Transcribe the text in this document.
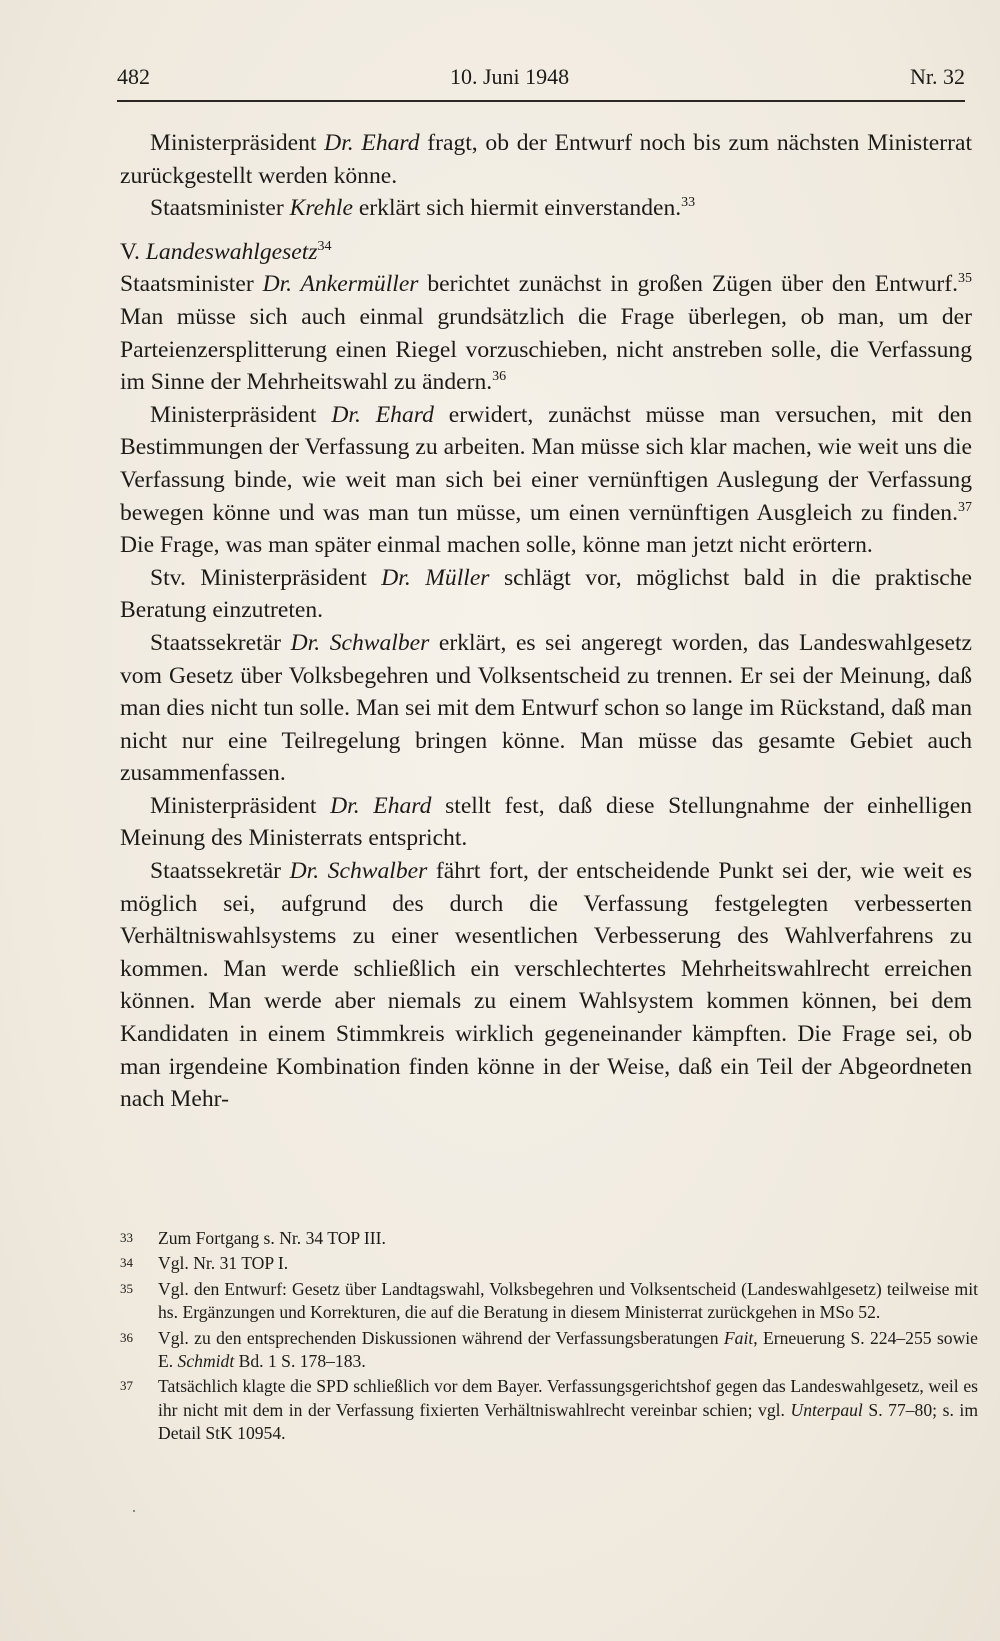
482	10. Juni 1948	Nr. 32

Ministerpräsident Dr. Ehard fragt, ob der Entwurf noch bis zum nächsten Ministerrat zurückgestellt werden könne.

Staatsminister Krehle erklärt sich hiermit einverstanden.$^{33}$

V. Landeswahlgesetz$^{34}$

Staatsminister Dr. Ankermüller berichtet zunächst in großen Zügen über den Entwurf.$^{35}$ Man müsse sich auch einmal grundsätzlich die Frage überlegen, ob man, um der Parteienzersplitterung einen Riegel vorzuschieben, nicht anstreben solle, die Verfassung im Sinne der Mehrheitswahl zu ändern.$^{36}$

Ministerpräsident Dr. Ehard erwidert, zunächst müsse man versuchen, mit den Bestimmungen der Verfassung zu arbeiten. Man müsse sich klar machen, wie weit uns die Verfassung binde, wie weit man sich bei einer vernünftigen Auslegung der Verfassung bewegen könne und was man tun müsse, um einen vernünftigen Ausgleich zu finden.$^{37}$ Die Frage, was man später einmal machen solle, könne man jetzt nicht erörtern.

Stv. Ministerpräsident Dr. Müller schlägt vor, möglichst bald in die praktische Beratung einzutreten.

Staatssekretär Dr. Schwalber erklärt, es sei angeregt worden, das Landeswahlgesetz vom Gesetz über Volksbegehren und Volksentscheid zu trennen. Er sei der Meinung, daß man dies nicht tun solle. Man sei mit dem Entwurf schon so lange im Rückstand, daß man nicht nur eine Teilregelung bringen könne. Man müsse das gesamte Gebiet auch zusammenfassen.

Ministerpräsident Dr. Ehard stellt fest, daß diese Stellungnahme der einhelligen Meinung des Ministerrats entspricht.

Staatssekretär Dr. Schwalber fährt fort, der entscheidende Punkt sei der, wie weit es möglich sei, aufgrund des durch die Verfassung festgelegten verbesserten Verhältniswahlsystems zu einer wesentlichen Verbesserung des Wahlverfahrens zu kommen. Man werde schließlich ein verschlechtertes Mehrheitswahlrecht erreichen können. Man werde aber niemals zu einem Wahlsystem kommen können, bei dem Kandidaten in einem Stimmkreis wirklich gegeneinander kämpften. Die Frage sei, ob man irgendeine Kombination finden könne in der Weise, daß ein Teil der Abgeordneten nach Mehr-

33 Zum Fortgang s. Nr. 34 TOP III.
34 Vgl. Nr. 31 TOP I.
35 Vgl. den Entwurf: Gesetz über Landtagswahl, Volksbegehren und Volksentscheid (Landeswahlgesetz) teilweise mit hs. Ergänzungen und Korrekturen, die auf die Beratung in diesem Ministerrat zurückgehen in MSo 52.
36 Vgl. zu den entsprechenden Diskussionen während der Verfassungsberatungen Fait, Erneuerung S. 224–255 sowie E. Schmidt Bd. 1 S. 178–183.
37 Tatsächlich klagte die SPD schließlich vor dem Bayer. Verfassungsgerichtshof gegen das Landeswahlgesetz, weil es ihr nicht mit dem in der Verfassung fixierten Verhältniswahlrecht vereinbar schien; vgl. Unterpaul S. 77–80; s. im Detail StK 10954.
